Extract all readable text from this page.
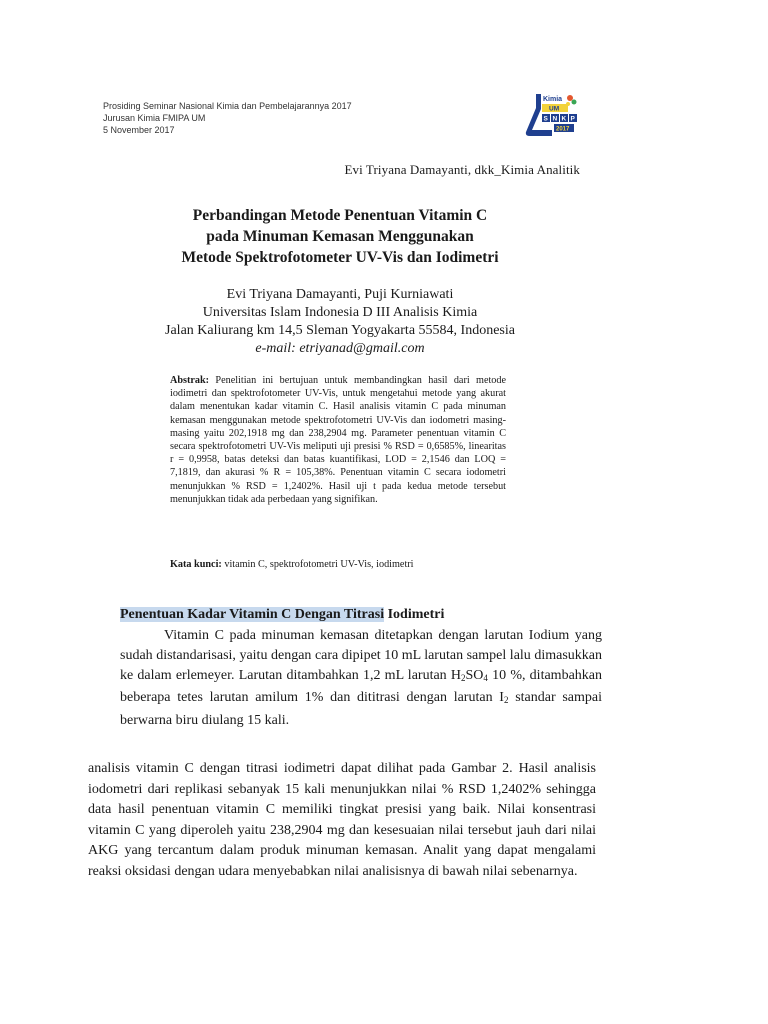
Prosiding Seminar Nasional Kimia dan Pembelajarannya 2017
Jurusan Kimia FMIPA UM
5 November 2017
Kimia
UM
S N K P
2017
Evi Triyana Damayanti, dkk_Kimia Analitik
Perbandingan Metode Penentuan Vitamin C
pada Minuman Kemasan Menggunakan
Metode Spektrofotometer UV-Vis dan Iodimetri
Evi Triyana Damayanti, Puji Kurniawati
Universitas Islam Indonesia D III Analisis Kimia
Jalan Kaliurang km 14,5 Sleman Yogyakarta 55584, Indonesia
e-mail: etriyanad@gmail.com
Abstrak: Penelitian ini bertujuan untuk membandingkan hasil dari metode iodimetri dan spektrofotometer UV-Vis, untuk mengetahui metode yang akurat dalam menentukan kadar vitamin C. Hasil analisis vitamin C pada minuman kemasan menggunakan metode spektrofotometri UV-Vis dan iodometri masing-masing yaitu 202,1918 mg dan 238,2904 mg. Parameter penentuan vitamin C secara spektrofotometri UV-Vis meliputi uji presisi % RSD = 0,6585%, linearitas r = 0,9958, batas deteksi dan batas kuantifikasi, LOD = 2,1546 dan LOQ = 7,1819, dan akurasi % R = 105,38%. Penentuan vitamin C secara iodometri menunjukkan % RSD = 1,2402%. Hasil uji t pada kedua metode tersebut menunjukkan tidak ada perbedaan yang signifikan.
Kata kunci: vitamin C, spektrofotometri UV-Vis, iodimetri
Penentuan Kadar Vitamin C Dengan Titrasi Iodimetri
Vitamin C pada minuman kemasan ditetapkan dengan larutan Iodium yang sudah distandarisasi, yaitu dengan cara dipipet 10 mL larutan sampel lalu dimasukkan ke dalam erlemeyer. Larutan ditambahkan 1,2 mL larutan $H_2SO_4$ 10 %, ditambahkan beberapa tetes larutan amilum 1% dan dititrasi dengan larutan $I_2$ standar sampai berwarna biru diulang 15 kali.
analisis vitamin C dengan titrasi iodimetri dapat dilihat pada Gambar 2. Hasil analisis iodometri dari replikasi sebanyak 15 kali menunjukkan nilai % RSD 1,2402% sehingga data hasil penentuan vitamin C memiliki tingkat presisi yang baik. Nilai konsentrasi vitamin C yang diperoleh yaitu 238,2904 mg dan kesesuaian nilai tersebut jauh dari nilai AKG yang tercantum dalam produk minuman kemasan. Analit yang dapat mengalami reaksi oksidasi dengan udara menyebabkan nilai analisisnya di bawah nilai sebenarnya.
